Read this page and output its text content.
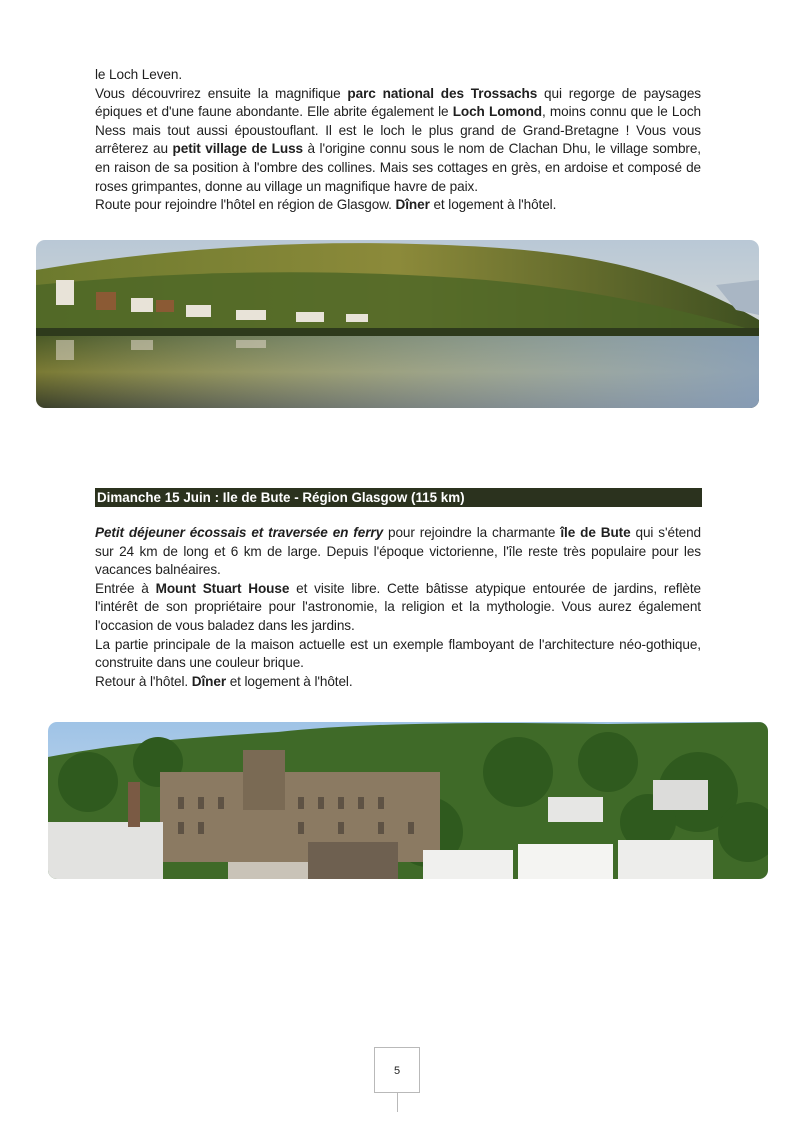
le Loch Leven.

Vous découvrirez ensuite la magnifique parc national des Trossachs qui regorge de paysages épiques et d'une faune abondante. Elle abrite également le Loch Lomond, moins connu que le Loch Ness mais tout aussi époustouflant. Il est le loch le plus grand de Grand-Bretagne ! Vous vous arrêterez au petit village de Luss à l'origine connu sous le nom de Clachan Dhu, le village sombre, en raison de sa position à l'ombre des collines. Mais ses cottages en grès, en ardoise et composé de roses grimpantes, donne au village un magnifique havre de paix.

Route pour rejoindre l'hôtel en région de Glasgow. Dîner et logement à l'hôtel.

Dimanche 15 Juin : Ile de Bute - Région Glasgow (115 km)

Petit déjeuner écossais et traversée en ferry pour rejoindre la charmante île de Bute qui s'étend sur 24 km de long et 6 km de large. Depuis l'époque victorienne, l'île reste très populaire pour les vacances balnéaires.

Entrée à Mount Stuart House et visite libre. Cette bâtisse atypique entourée de jardins, reflète l'intérêt de son propriétaire pour l'astronomie, la religion et la mythologie. Vous aurez également l'occasion de vous baladez dans les jardins.

La partie principale de la maison actuelle est un exemple flamboyant de l'architecture néo-gothique, construite dans une couleur brique.

Retour à l'hôtel. Dîner et logement à l'hôtel.

5
